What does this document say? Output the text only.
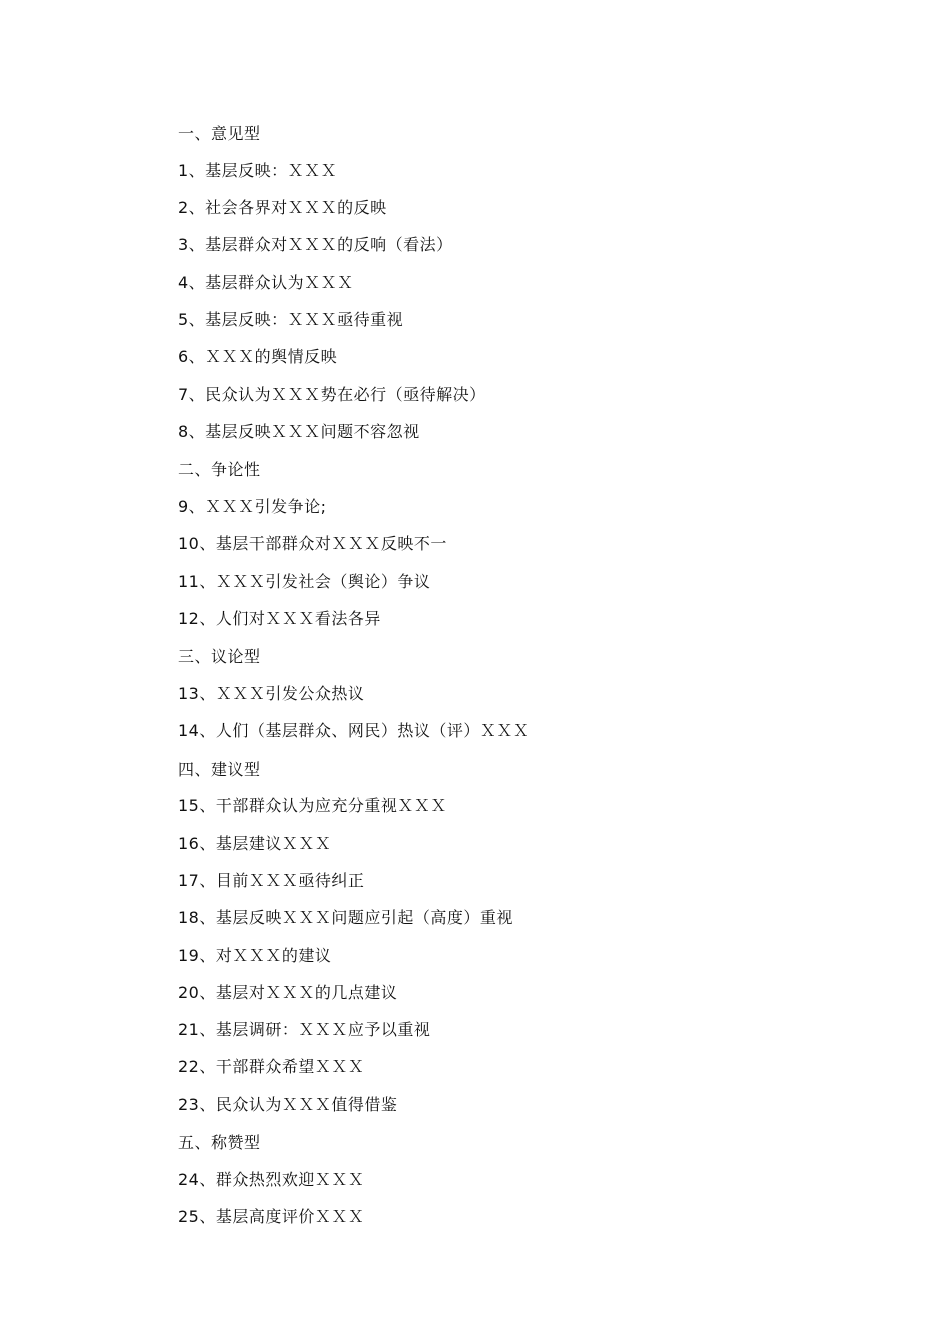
一、意见型
1、基层反映：ＸＸＸ
2、社会各界对ＸＸＸ的反映
3、基层群众对ＸＸＸ的反响（看法）
4、基层群众认为ＸＸＸ
5、基层反映：ＸＸＸ亟待重视
6、ＸＸＸ的舆情反映
7、民众认为ＸＸＸ势在必行（亟待解决）
8、基层反映ＸＸＸ问题不容忽视
二、争论性
9、ＸＸＸ引发争论;
10、基层干部群众对ＸＸＸ反映不一
11、ＸＸＸ引发社会（舆论）争议
12、人们对ＸＸＸ看法各异
三、议论型
13、ＸＸＸ引发公众热议
14、人们（基层群众、网民）热议（评）ＸＸＸ
四、建议型
15、干部群众认为应充分重视ＸＸＸ
16、基层建议ＸＸＸ
17、目前ＸＸＸ亟待纠正
18、基层反映ＸＸＸ问题应引起（高度）重视
19、对ＸＸＸ的建议
20、基层对ＸＸＸ的几点建议
21、基层调研：ＸＸＸ应予以重视
22、干部群众希望ＸＸＸ
23、民众认为ＸＸＸ值得借鉴
五、称赞型
24、群众热烈欢迎ＸＸＸ
25、基层高度评价ＸＸＸ
